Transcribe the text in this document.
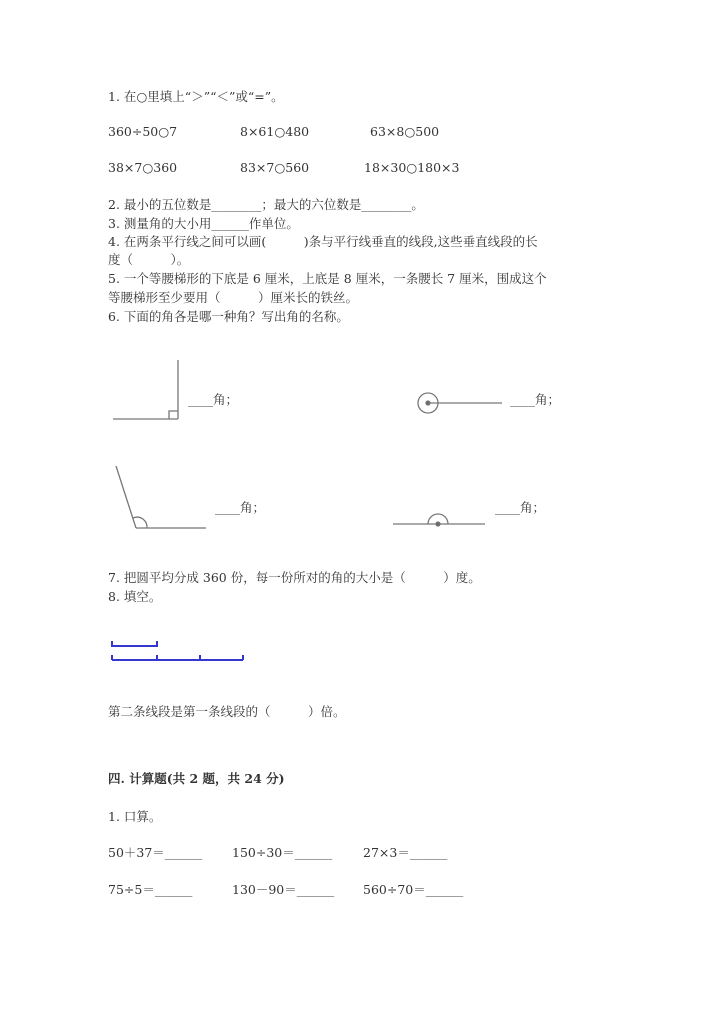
1. 在○里填上“＞”“＜”或“=”。
360÷50○7	8×61○480	63×8○500
38×7○360	83×7○560	18×30○180×3
2. 最小的五位数是________；最大的六位数是________。
3. 测量角的大小用______作单位。
4. 在两条平行线之间可以画(　　　)条与平行线垂直的线段,这些垂直线段的长
度（　　　）。
5. 一个等腰梯形的下底是 6 厘米，上底是 8 厘米，一条腰长 7 厘米，围成这个
等腰梯形至少要用（　　　）厘米长的铁丝。
6. 下面的角各是哪一种角？写出角的名称。
____角；	____角；
____角；	____角；
7. 把圆平均分成 360 份，每一份所对的角的大小是（　　　）度。
8. 填空。
第二条线段是第一条线段的（　　　）倍。
四. 计算题(共 2 题，共 24 分)
1. 口算。
50＋37＝______ 150÷30＝______ 27×3＝______
75÷5＝______	130－90＝______ 560÷70＝______
